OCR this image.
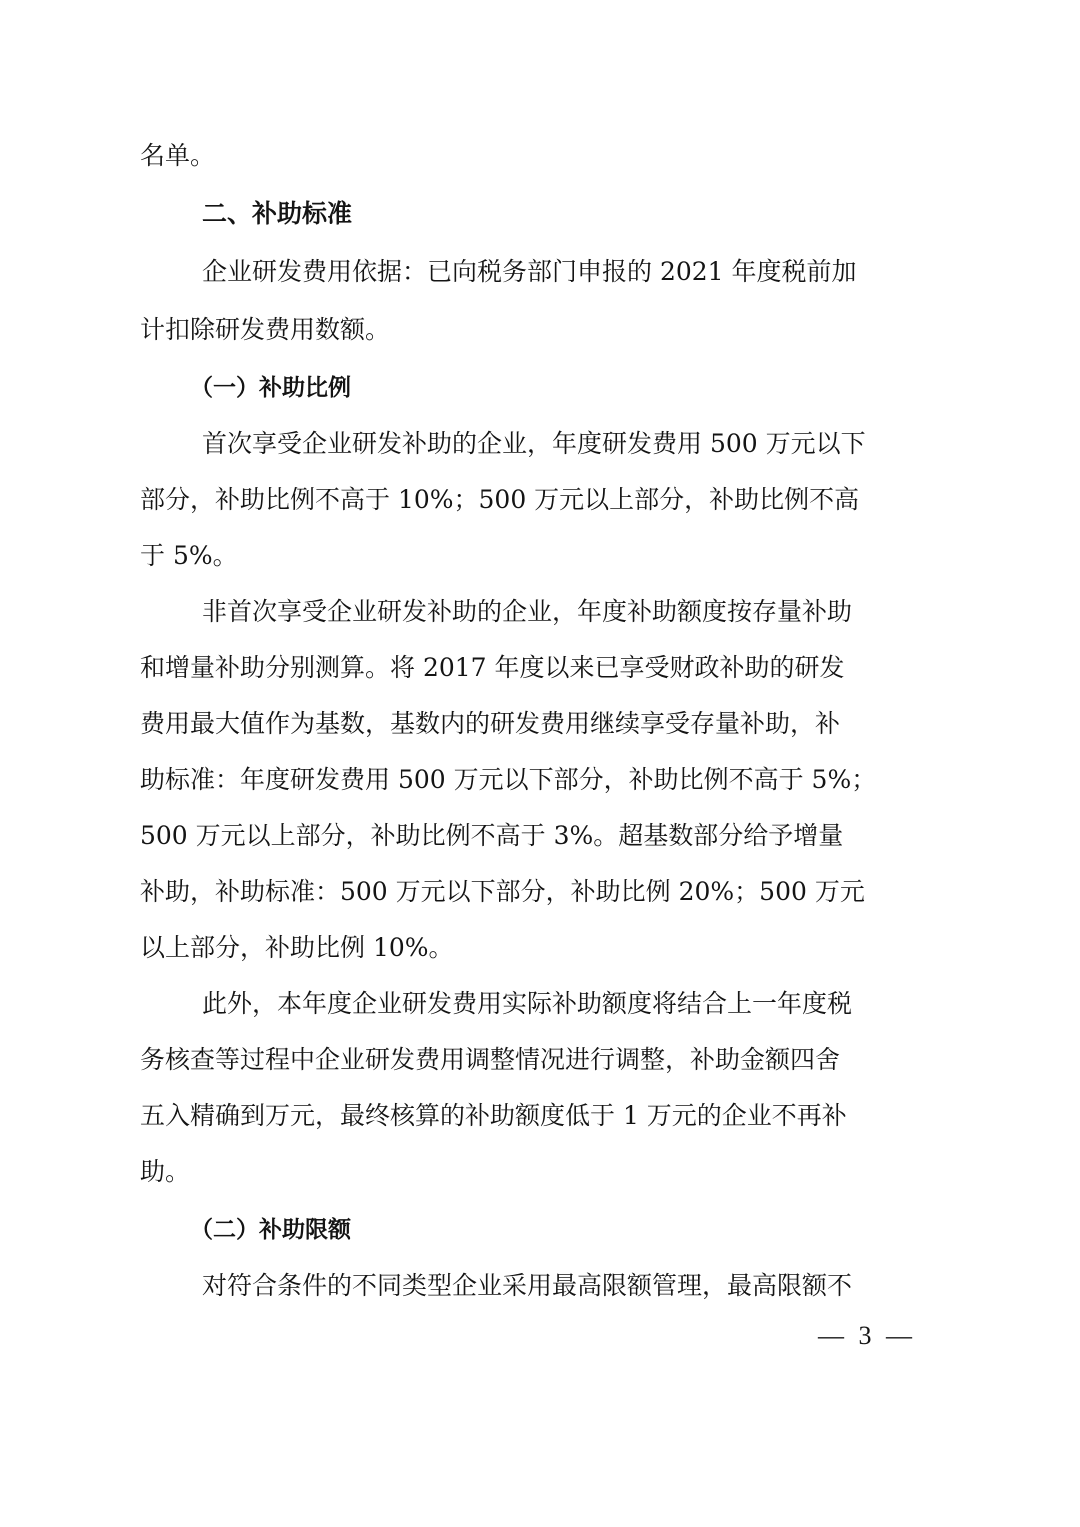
名单。
二、补助标准
企业研发费用依据：已向税务部门申报的 2021 年度税前加
计扣除研发费用数额。
（一）补助比例
首次享受企业研发补助的企业，年度研发费用 500 万元以下
部分，补助比例不高于 10%；500 万元以上部分，补助比例不高
于 5%。
非首次享受企业研发补助的企业，年度补助额度按存量补助
和增量补助分别测算。将 2017 年度以来已享受财政补助的研发
费用最大值作为基数，基数内的研发费用继续享受存量补助，补
助标准：年度研发费用 500 万元以下部分，补助比例不高于 5%；
500 万元以上部分，补助比例不高于 3%。超基数部分给予增量
补助，补助标准：500 万元以下部分，补助比例 20%；500 万元
以上部分，补助比例 10%。
此外，本年度企业研发费用实际补助额度将结合上一年度税
务核查等过程中企业研发费用调整情况进行调整，补助金额四舍
五入精确到万元，最终核算的补助额度低于 1 万元的企业不再补
助。
（二）补助限额
对符合条件的不同类型企业采用最高限额管理，最高限额不
— 3 —
